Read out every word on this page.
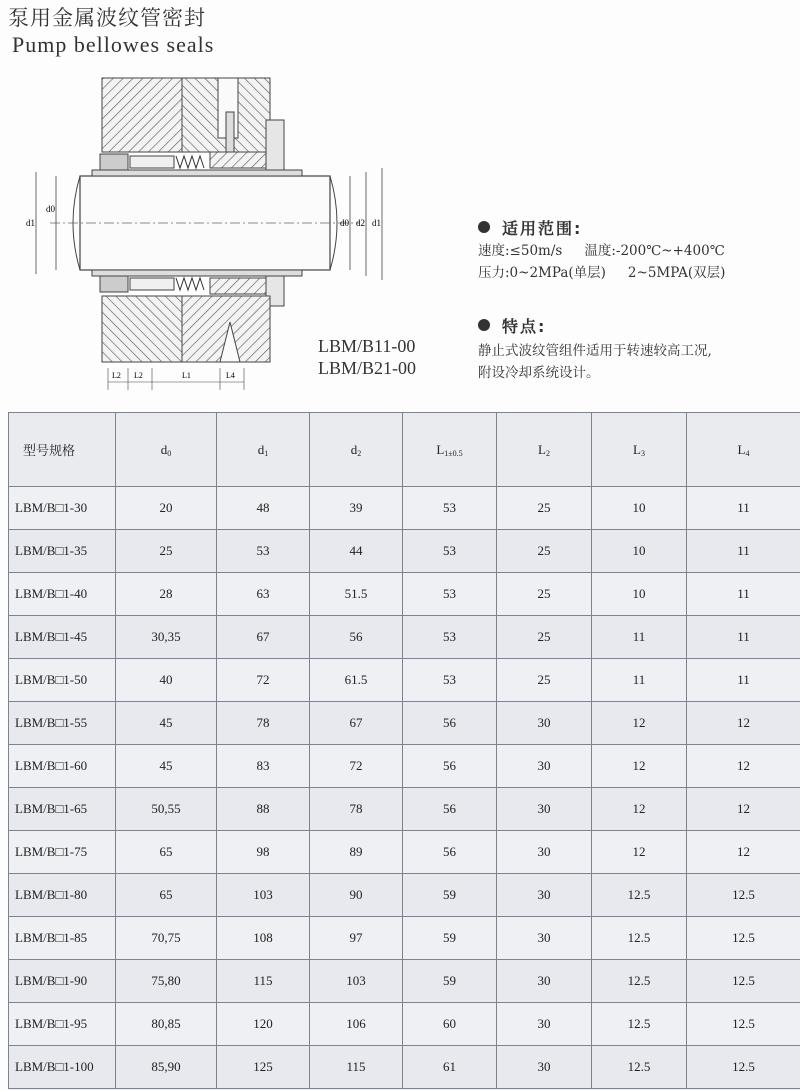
泵用金属波纹管密封
Pump bellowes seals
d1
d0
d0 d2 d1
L2 L2	L1	L4
LBM/B11-00
LBM/B21-00
适用范围:
速度:≤50m/s 温度:-200℃~+400℃
压力:0~2MPa(单层) 2~5MPA(双层)
特点:

静止式波纹管组件适用于转速较高工况,

附设冷却系统设计。

型号规格	$d_0$	$d_1$	$d_2$	$L_{1\pm 0.5}$	$L_2$	$L_3$	$L_4$
LBM/B□1-30	20	48	39	53	25	10	11
LBM/B□1-35	25	53	44	53	25	10	11
LBM/B□1-40	28	63	51.5	53	25	10	11
LBM/B□1-45	30,35	67	56	53	25	11	11
LBM/B□1-50	40	72	61.5	53	25	11	11
LBM/B□1-55	45	78	67	56	30	12	12
LBM/B□1-60	45	83	72	56	30	12	12
LBM/B□1-65	50,55	88	78	56	30	12	12
LBM/B□1-75	65	98	89	56	30	12	12
LBM/B□1-80	65	103	90	59	30	12.5	12.5
LBM/B□1-85	70,75	108	97	59	30	12.5	12.5
LBM/B□1-90	75,80	115	103	59	30	12.5	12.5
LBM/B□1-95	80,85	120	106	60	30	12.5	12.5
LBM/B□1-100	85,90	125	115	61	30	12.5	12.5
